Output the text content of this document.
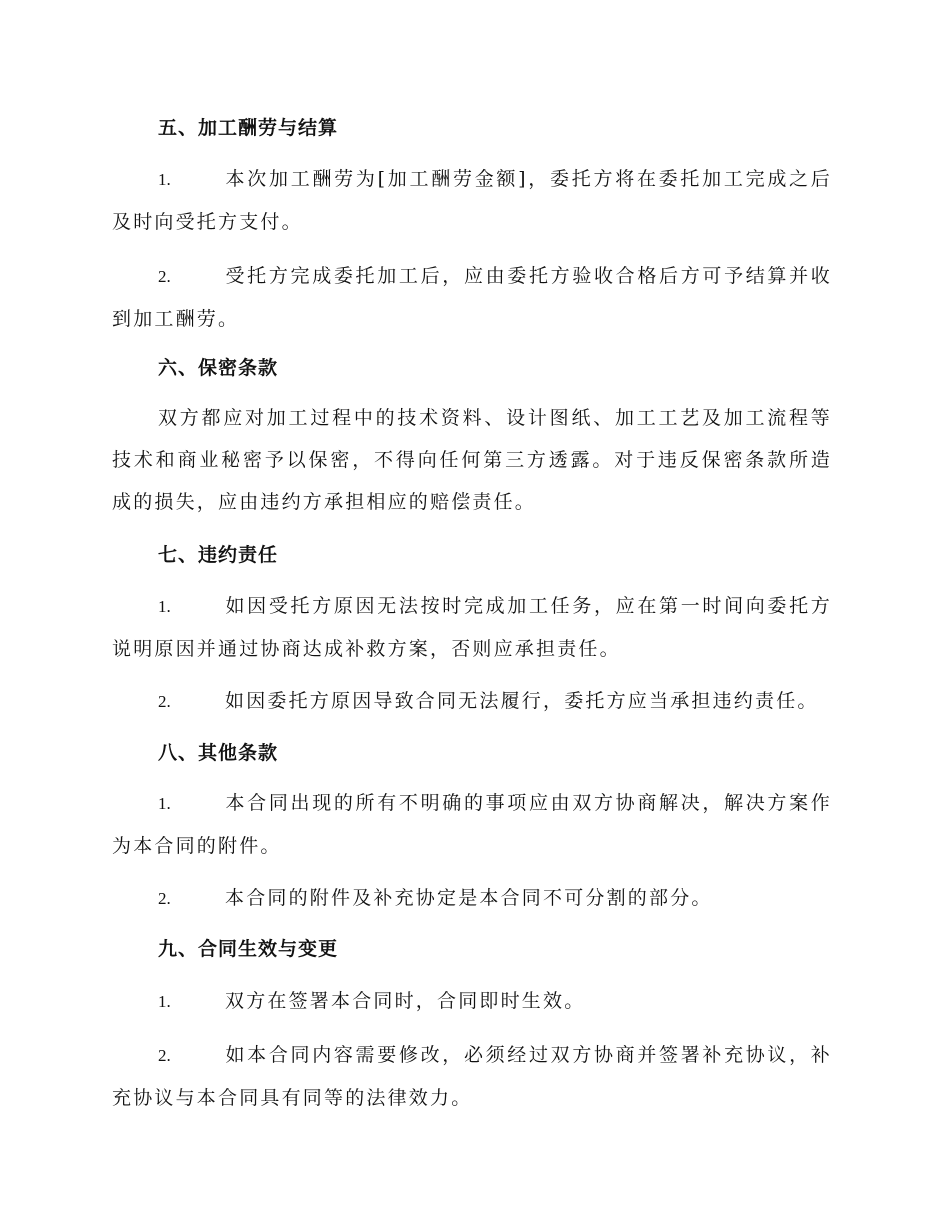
五、加工酬劳与结算
1.	本次加工酬劳为[加工酬劳金额]，委托方将在委托加工完成之后及时向受托方支付。
2.	受托方完成委托加工后，应由委托方验收合格后方可予结算并收到加工酬劳。
六、保密条款
双方都应对加工过程中的技术资料、设计图纸、加工工艺及加工流程等技术和商业秘密予以保密，不得向任何第三方透露。对于违反保密条款所造成的损失，应由违约方承担相应的赔偿责任。
七、违约责任
1.	如因受托方原因无法按时完成加工任务，应在第一时间向委托方说明原因并通过协商达成补救方案，否则应承担责任。
2.	如因委托方原因导致合同无法履行，委托方应当承担违约责任。
八、其他条款
1.	本合同出现的所有不明确的事项应由双方协商解决，解决方案作为本合同的附件。
2.	本合同的附件及补充协定是本合同不可分割的部分。
九、合同生效与变更
1.	双方在签署本合同时，合同即时生效。
2.	如本合同内容需要修改，必须经过双方协商并签署补充协议，补充协议与本合同具有同等的法律效力。
